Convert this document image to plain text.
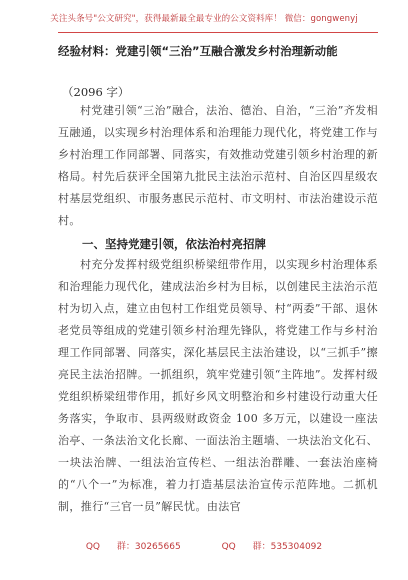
关注头条号"公文研究"，获得最新最全最专业的公文资料库！ 微信：gongwenyj
经验材料：党建引领“三治”互融合激发乡村治理新动能
（2096 字）
村党建引领“三治”融合，法治、德治、自治，“三治”齐发相互融通，以实现乡村治理体系和治理能力现代化，将党建工作与乡村治理工作同部署、同落实，有效推动党建引领乡村治理的新格局。村先后获评全国第九批民主法治示范村、自治区四星级农村基层党组织、市服务惠民示范村、市文明村、市法治建设示范村。
一、坚持党建引领，依法治村亮招牌
村充分发挥村级党组织桥梁纽带作用，以实现乡村治理体系和治理能力现代化，建成法治乡村为目标，以创建民主法治示范村为切入点，建立由包村工作组党员领导、村“两委”干部、退休老党员等组成的党建引领乡村治理先锋队，将党建工作与乡村治理工作同部署、同落实，深化基层民主法治建设，以“三抓手”擦亮民主法治招牌。一抓组织，筑牢党建引领“主阵地”。发挥村级党组织桥梁纽带作用，抓好乡风文明整治和乡村建设行动重大任务落实，争取市、县两级财政资金 100 多万元，以建设一座法治亭、一条法治文化长廊、一面法治主题墙、一块法治文化石、一块法治牌、一组法治宣传栏、一组法治群雕、一套法治座椅的“八个一”为标准，着力打造基层法治宣传示范阵地。二抓机制，推行“三官一员”解民忧。由法官
QQ 群：30265665	QQ 群：535304092
